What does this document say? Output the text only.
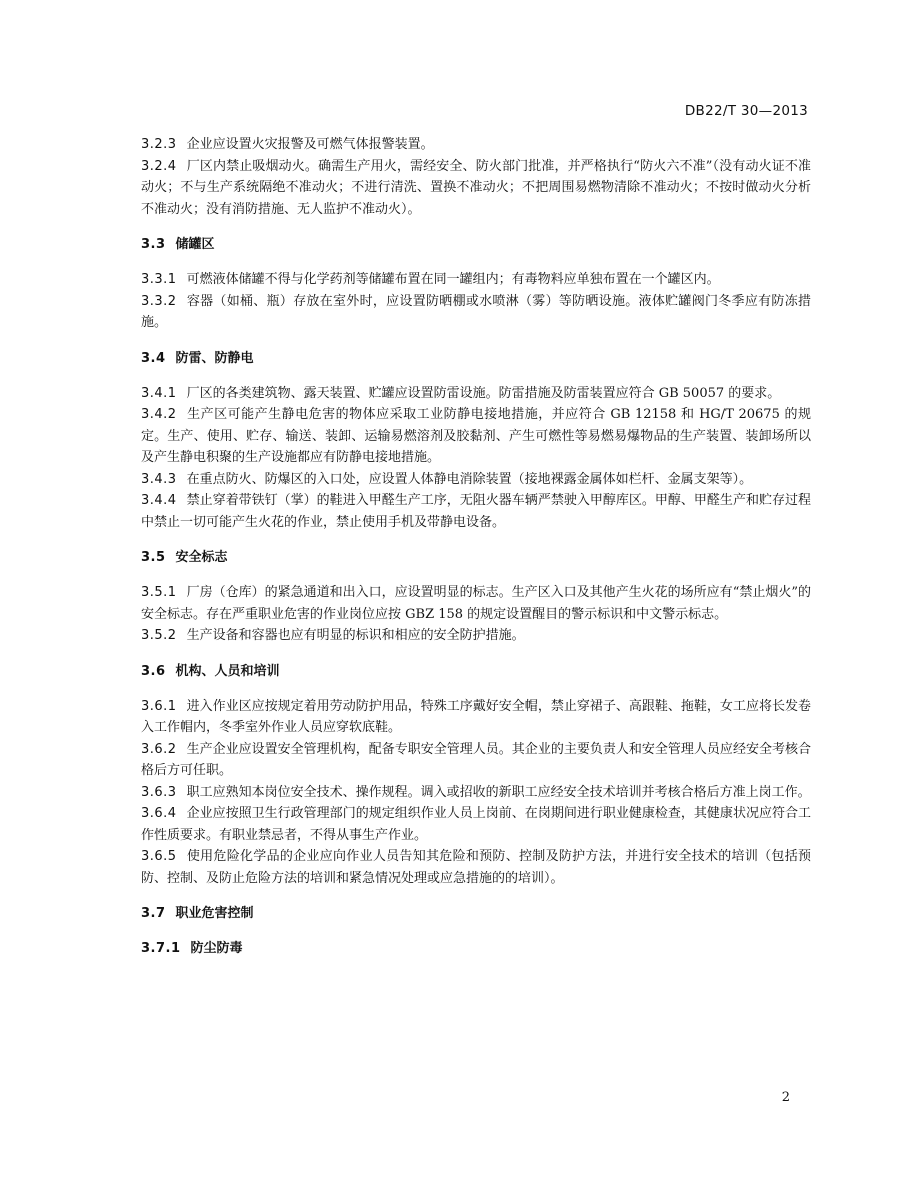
DB22/T 30—2013

3.2.3 企业应设置火灾报警及可燃气体报警装置。

3.2.4 厂区内禁止吸烟动火。确需生产用火，需经安全、防火部门批准，并严格执行“防火六不准”（没有动火证不准动火；不与生产系统隔绝不准动火；不进行清洗、置换不准动火；不把周围易燃物清除不准动火；不按时做动火分析不准动火；没有消防措施、无人监护不准动火）。

3.3 储罐区

3.3.1 可燃液体储罐不得与化学药剂等储罐布置在同一罐组内；有毒物料应单独布置在一个罐区内。

3.3.2 容器（如桶、瓶）存放在室外时，应设置防晒棚或水喷淋（雾）等防晒设施。液体贮罐阀门冬季应有防冻措施。

3.4 防雷、防静电

3.4.1 厂区的各类建筑物、露天装置、贮罐应设置防雷设施。防雷措施及防雷装置应符合 GB 50057 的要求。

3.4.2 生产区可能产生静电危害的物体应采取工业防静电接地措施，并应符合 GB 12158 和 HG/T 20675 的规定。生产、使用、贮存、输送、装卸、运输易燃溶剂及胶黏剂、产生可燃性等易燃易爆物品的生产装置、装卸场所以及产生静电积聚的生产设施都应有防静电接地措施。

3.4.3 在重点防火、防爆区的入口处，应设置人体静电消除装置（接地裸露金属体如栏杆、金属支架等）。

3.4.4 禁止穿着带铁钉（掌）的鞋进入甲醛生产工序，无阻火器车辆严禁驶入甲醇库区。甲醇、甲醛生产和贮存过程中禁止一切可能产生火花的作业，禁止使用手机及带静电设备。

3.5 安全标志

3.5.1 厂房（仓库）的紧急通道和出入口，应设置明显的标志。生产区入口及其他产生火花的场所应有“禁止烟火”的安全标志。存在严重职业危害的作业岗位应按 GBZ 158 的规定设置醒目的警示标识和中文警示标志。

3.5.2 生产设备和容器也应有明显的标识和相应的安全防护措施。

3.6 机构、人员和培训

3.6.1 进入作业区应按规定着用劳动防护用品，特殊工序戴好安全帽，禁止穿裙子、高跟鞋、拖鞋，女工应将长发卷入工作帽内，冬季室外作业人员应穿软底鞋。

3.6.2 生产企业应设置安全管理机构，配备专职安全管理人员。其企业的主要负责人和安全管理人员应经安全考核合格后方可任职。

3.6.3 职工应熟知本岗位安全技术、操作规程。调入或招收的新职工应经安全技术培训并考核合格后方准上岗工作。

3.6.4 企业应按照卫生行政管理部门的规定组织作业人员上岗前、在岗期间进行职业健康检查，其健康状况应符合工作性质要求。有职业禁忌者，不得从事生产作业。

3.6.5 使用危险化学品的企业应向作业人员告知其危险和预防、控制及防护方法，并进行安全技术的培训（包括预防、控制、及防止危险方法的培训和紧急情况处理或应急措施的的培训）。

3.7 职业危害控制

3.7.1 防尘防毒

2
